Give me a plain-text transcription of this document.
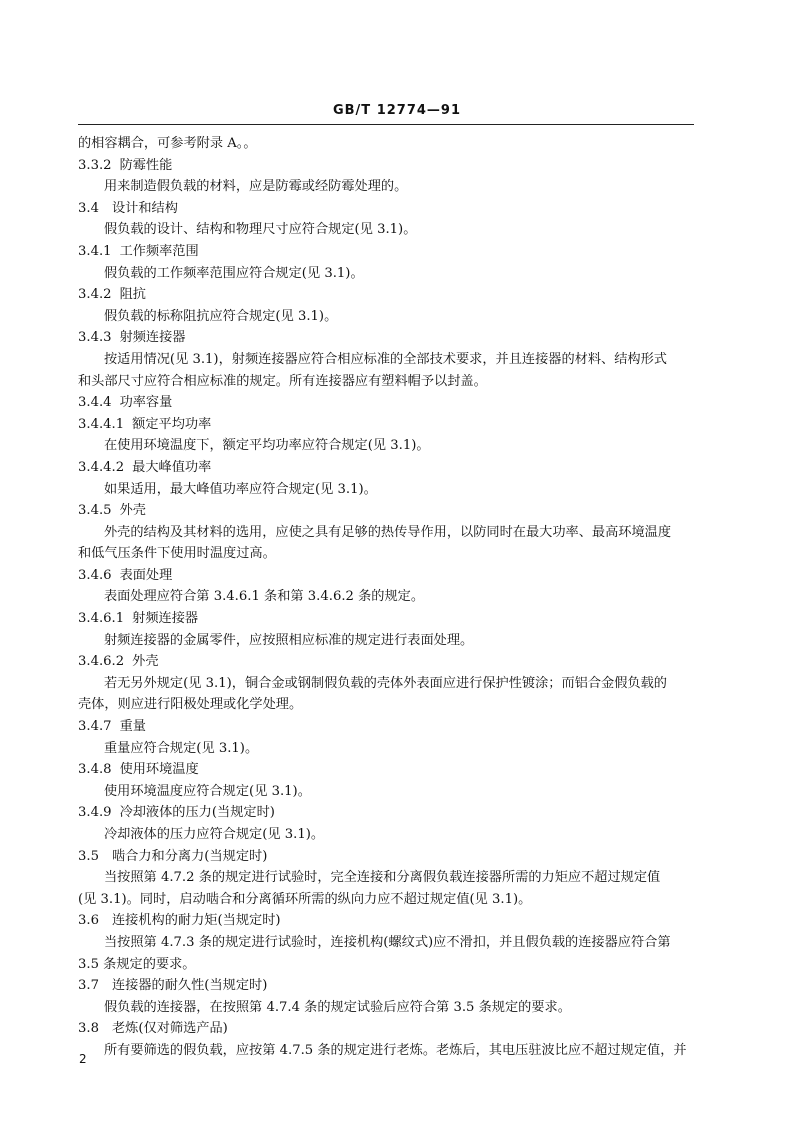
GB/T 12774—91
的相容耦合，可参考附录 A。。
3.3.2 防霉性能
用来制造假负载的材料，应是防霉或经防霉处理的。
3.4 设计和结构
假负载的设计、结构和物理尺寸应符合规定(见 3.1)。
3.4.1 工作频率范围
假负载的工作频率范围应符合规定(见 3.1)。
3.4.2 阻抗
假负载的标称阻抗应符合规定(见 3.1)。
3.4.3 射频连接器
按适用情况(见 3.1)，射频连接器应符合相应标准的全部技术要求，并且连接器的材料、结构形式
和头部尺寸应符合相应标准的规定。所有连接器应有塑料帽予以封盖。
3.4.4 功率容量
3.4.4.1 额定平均功率
在使用环境温度下，额定平均功率应符合规定(见 3.1)。
3.4.4.2 最大峰值功率
如果适用，最大峰值功率应符合规定(见 3.1)。
3.4.5 外壳
外壳的结构及其材料的选用，应使之具有足够的热传导作用，以防同时在最大功率、最高环境温度
和低气压条件下使用时温度过高。
3.4.6 表面处理
表面处理应符合第 3.4.6.1 条和第 3.4.6.2 条的规定。
3.4.6.1 射频连接器
射频连接器的金属零件，应按照相应标准的规定进行表面处理。
3.4.6.2 外壳
若无另外规定(见 3.1)，铜合金或钢制假负载的壳体外表面应进行保护性镀涂；而铝合金假负载的
壳体，则应进行阳极处理或化学处理。
3.4.7 重量
重量应符合规定(见 3.1)。
3.4.8 使用环境温度
使用环境温度应符合规定(见 3.1)。
3.4.9 冷却液体的压力(当规定时)
冷却液体的压力应符合规定(见 3.1)。
3.5 啮合力和分离力(当规定时)
当按照第 4.7.2 条的规定进行试验时，完全连接和分离假负载连接器所需的力矩应不超过规定值
(见 3.1)。同时，启动啮合和分离循环所需的纵向力应不超过规定值(见 3.1)。
3.6 连接机构的耐力矩(当规定时)
当按照第 4.7.3 条的规定进行试验时，连接机构(螺纹式)应不滑扣，并且假负载的连接器应符合第
3.5 条规定的要求。
3.7 连接器的耐久性(当规定时)
假负载的连接器，在按照第 4.7.4 条的规定试验后应符合第 3.5 条规定的要求。
3.8 老炼(仅对筛选产品)
所有要筛选的假负载，应按第 4.7.5 条的规定进行老炼。老炼后，其电压驻波比应不超过规定值，并
2
